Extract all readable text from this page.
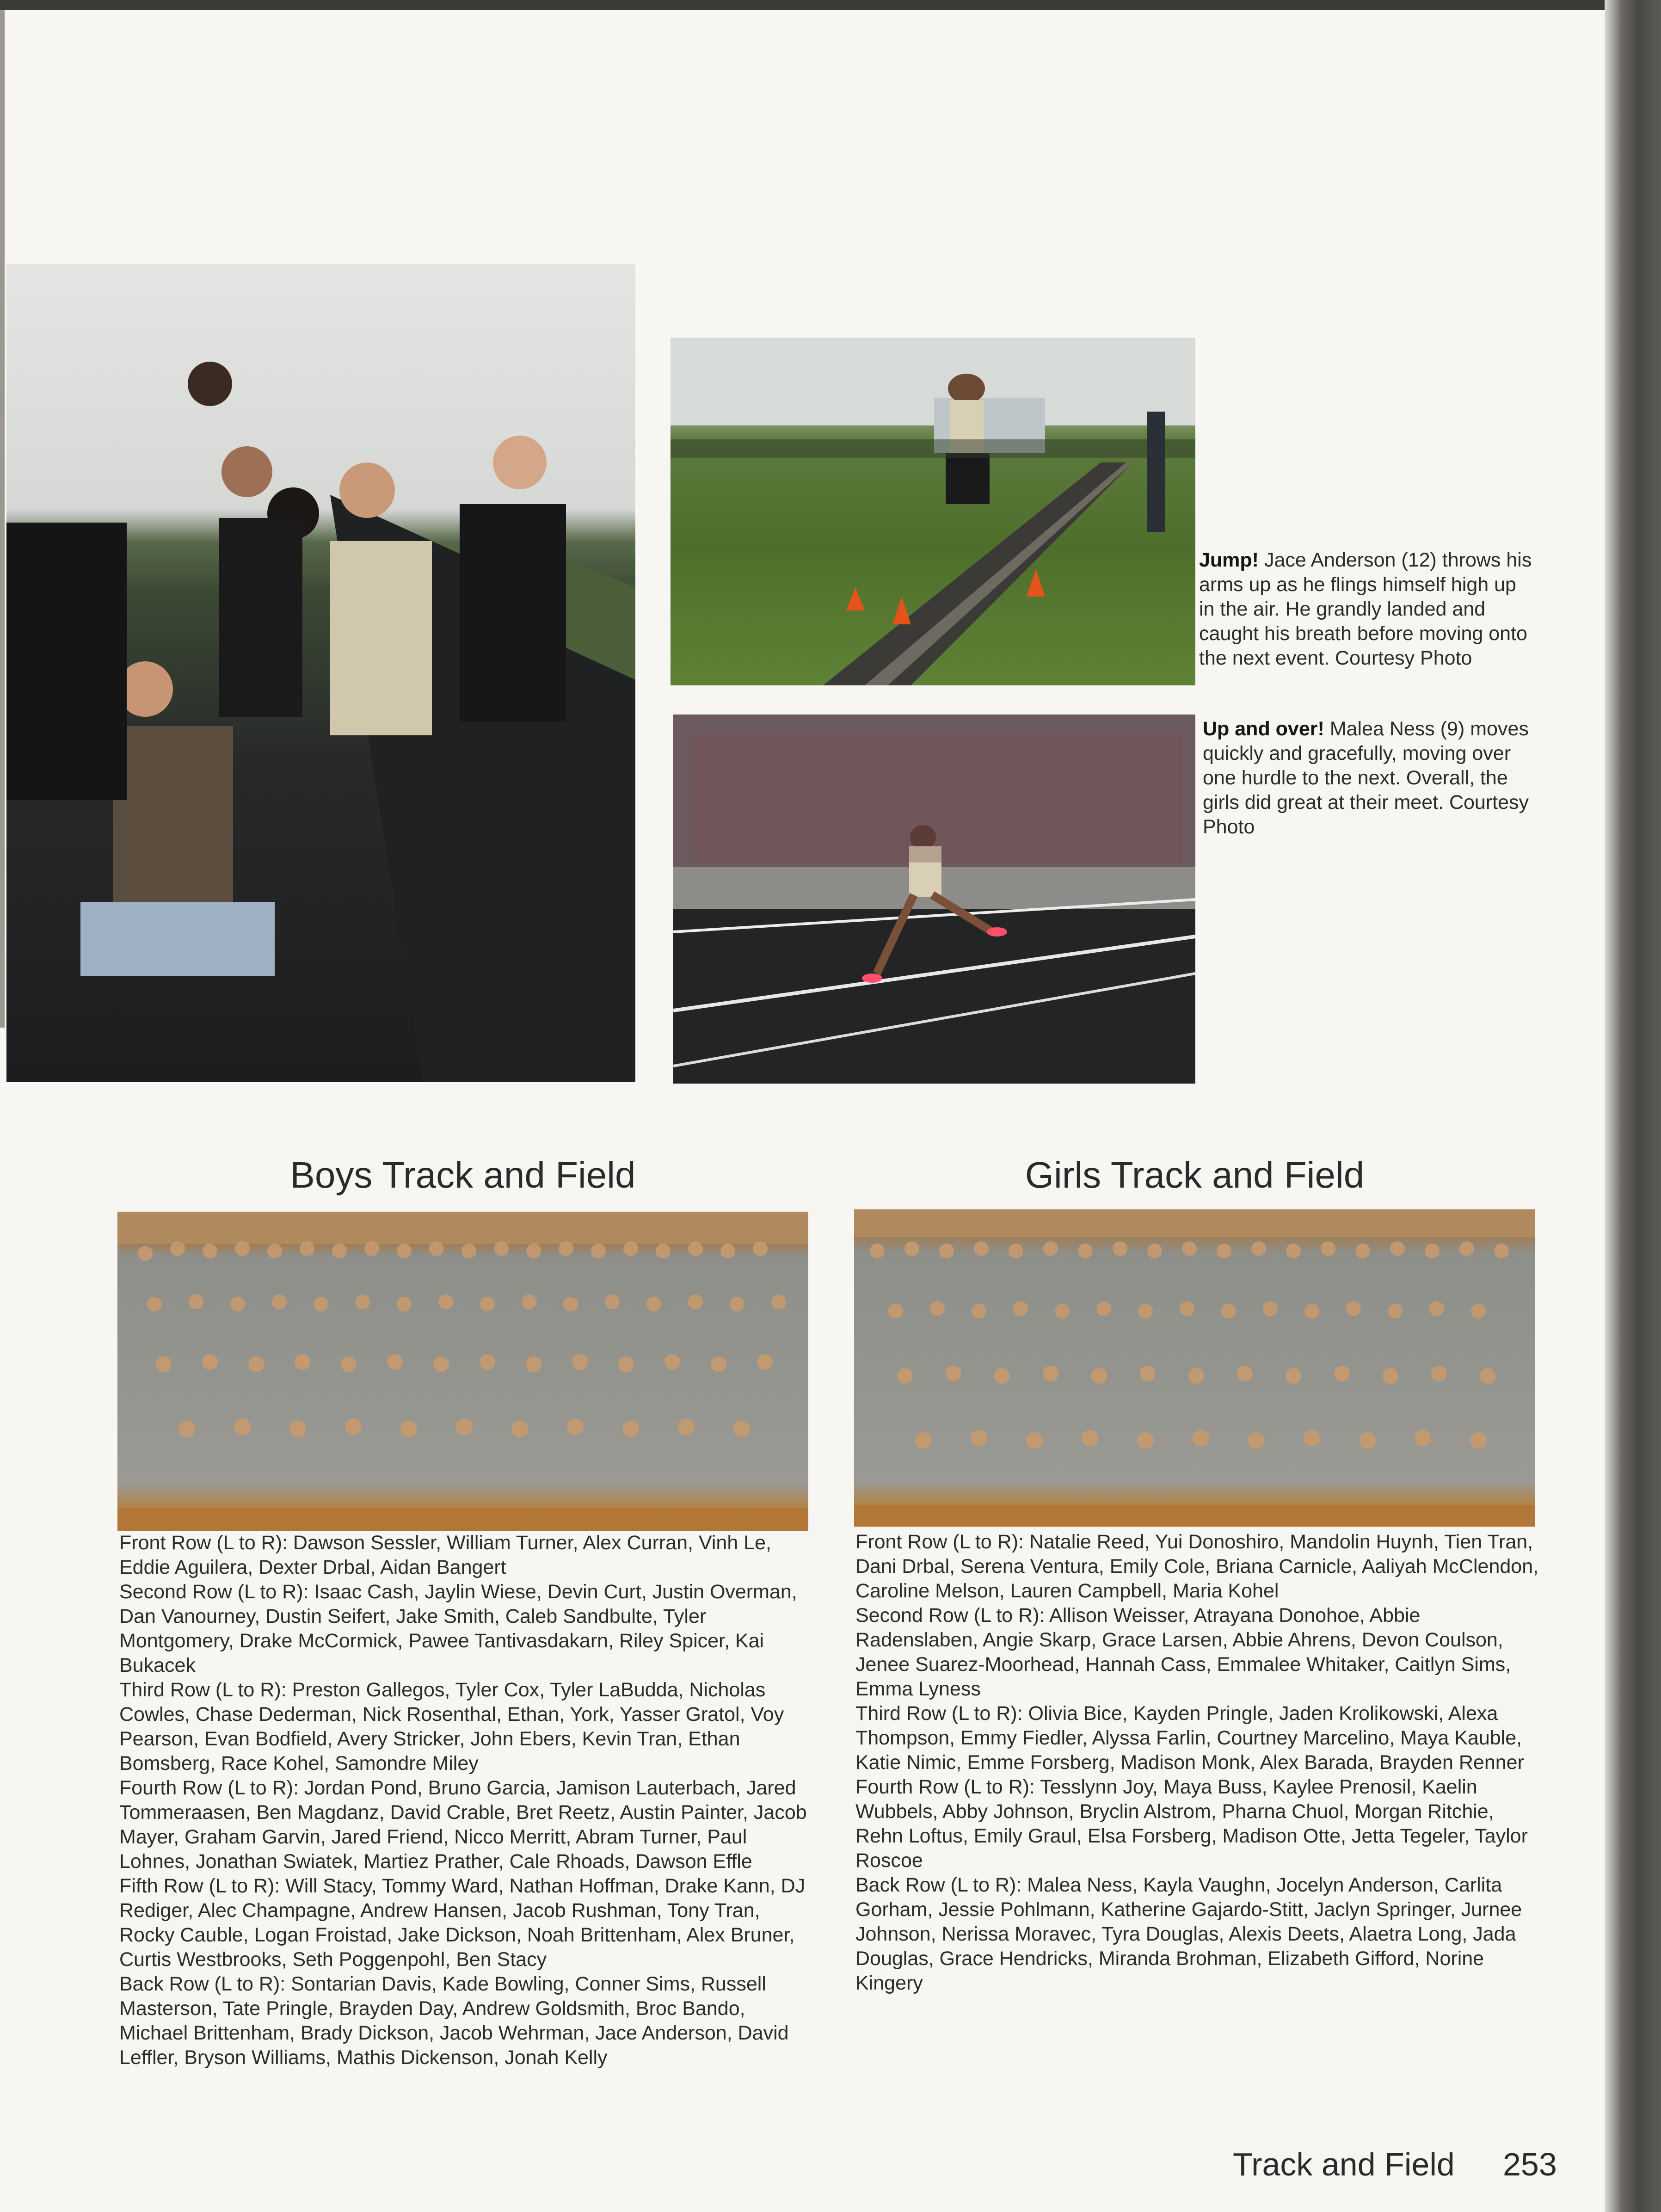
Jump! Jace Anderson (12) throws his arms up as he flings himself high up in the air. He grandly landed and caught his breath before moving onto the next event. Courtesy Photo
Up and over! Malea Ness (9) moves quickly and gracefully, moving over one hurdle to the next. Overall, the girls did great at their meet. Courtesy Photo
Boys Track and Field

Front Row (L to R): Dawson Sessler, William Turner, Alex Curran, Vinh Le, Eddie Aguilera, Dexter Drbal, Aidan Bangert

Second Row (L to R): Isaac Cash, Jaylin Wiese, Devin Curt, Justin Overman, Dan Vanourney, Dustin Seifert, Jake Smith, Caleb Sandbulte, Tyler Montgomery, Drake McCormick, Pawee Tantivasdakarn, Riley Spicer, Kai Bukacek

Third Row (L to R): Preston Gallegos, Tyler Cox, Tyler LaBudda, Nicholas Cowles, Chase Dederman, Nick Rosenthal, Ethan, York, Yasser Gratol, Voy Pearson, Evan Bodfield, Avery Stricker, John Ebers, Kevin Tran, Ethan Bomsberg, Race Kohel, Samondre Miley

Fourth Row (L to R): Jordan Pond, Bruno Garcia, Jamison Lauterbach, Jared Tommeraasen, Ben Magdanz, David Crable, Bret Reetz, Austin Painter, Jacob Mayer, Graham Garvin, Jared Friend, Nicco Merritt, Abram Turner, Paul Lohnes, Jonathan Swiatek, Martiez Prather, Cale Rhoads, Dawson Effle

Fifth Row (L to R): Will Stacy, Tommy Ward, Nathan Hoffman, Drake Kann, DJ Rediger, Alec Champagne, Andrew Hansen, Jacob Rushman, Tony Tran, Rocky Cauble, Logan Froistad, Jake Dickson, Noah Brittenham, Alex Bruner, Curtis Westbrooks, Seth Poggenpohl, Ben Stacy

Back Row (L to R): Sontarian Davis, Kade Bowling, Conner Sims, Russell Masterson, Tate Pringle, Brayden Day, Andrew Goldsmith, Broc Bando, Michael Brittenham, Brady Dickson, Jacob Wehrman, Jace Anderson, David Leffler, Bryson Williams, Mathis Dickenson, Jonah Kelly

Girls Track and Field

Front Row (L to R): Natalie Reed, Yui Donoshiro, Mandolin Huynh, Tien Tran, Dani Drbal, Serena Ventura, Emily Cole, Briana Carnicle, Aaliyah McClendon, Caroline Melson, Lauren Campbell, Maria Kohel

Second Row (L to R): Allison Weisser, Atrayana Donohoe, Abbie Radenslaben, Angie Skarp, Grace Larsen, Abbie Ahrens, Devon Coulson, Jenee Suarez-Moorhead, Hannah Cass, Emmalee Whitaker, Caitlyn Sims, Emma Lyness

Third Row (L to R): Olivia Bice, Kayden Pringle, Jaden Krolikowski, Alexa Thompson, Emmy Fiedler, Alyssa Farlin, Courtney Marcelino, Maya Kauble, Katie Nimic, Emme Forsberg, Madison Monk, Alex Barada, Brayden Renner

Fourth Row (L to R): Tesslynn Joy, Maya Buss, Kaylee Prenosil, Kaelin Wubbels, Abby Johnson, Bryclin Alstrom, Pharna Chuol, Morgan Ritchie, Rehn Loftus, Emily Graul, Elsa Forsberg, Madison Otte, Jetta Tegeler, Taylor Roscoe

Back Row (L to R): Malea Ness, Kayla Vaughn, Jocelyn Anderson, Carlita Gorham, Jessie Pohlmann, Katherine Gajardo-Stitt, Jaclyn Springer, Jurnee Johnson, Nerissa Moravec, Tyra Douglas, Alexis Deets, Alaetra Long, Jada Douglas, Grace Hendricks, Miranda Brohman, Elizabeth Gifford, Norine Kingery

Track and Field 253
